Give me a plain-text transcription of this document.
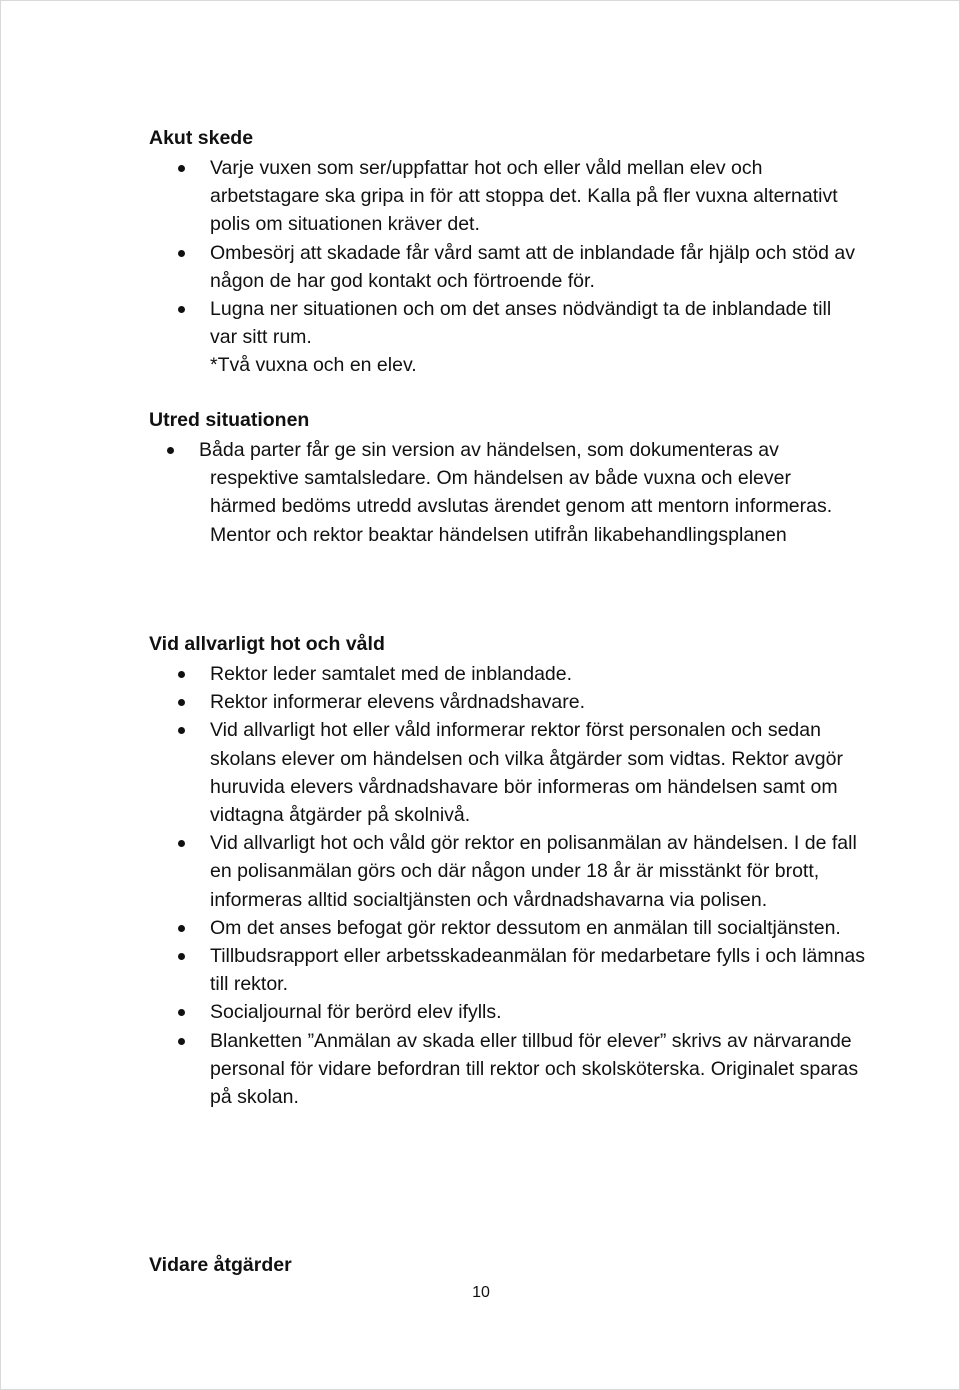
Akut skede
Varje vuxen som ser/uppfattar hot och eller våld mellan elev och arbetstagare ska gripa in för att stoppa det. Kalla på fler vuxna alternativt polis om situationen kräver det.
Ombesörj att skadade får vård samt att de inblandade får hjälp och stöd av någon de har god kontakt och förtroende för.
Lugna ner situationen och om det anses nödvändigt ta de inblandade till var sitt rum.
*Två vuxna och en elev.
Utred situationen
Båda parter får ge sin version av händelsen, som dokumenteras av respektive samtalsledare. Om händelsen av både vuxna och elever härmed bedöms utredd avslutas ärendet genom att mentorn informeras. Mentor och rektor beaktar händelsen utifrån likabehandlingsplanen
Vid allvarligt hot och våld
Rektor leder samtalet med de inblandade.
Rektor informerar elevens vårdnadshavare.
Vid allvarligt hot eller våld informerar rektor först personalen och sedan skolans elever om händelsen och vilka åtgärder som vidtas. Rektor avgör huruvida elevers vårdnadshavare bör informeras om händelsen samt om vidtagna åtgärder på skolnivå.
Vid allvarligt hot och våld gör rektor en polisanmälan av händelsen. I de fall en polisanmälan görs och där någon under 18 år är misstänkt för brott, informeras alltid socialtjänsten och vårdnadshavarna via polisen.
Om det anses befogat gör rektor dessutom en anmälan till socialtjänsten.
Tillbudsrapport eller arbetsskadeanmälan för medarbetare fylls i och lämnas till rektor.
Socialjournal för berörd elev ifylls.
Blanketten ”Anmälan av skada eller tillbud för elever” skrivs av närvarande personal för vidare befordran till rektor och skolsköterska. Originalet sparas på skolan.
Vidare åtgärder
10
